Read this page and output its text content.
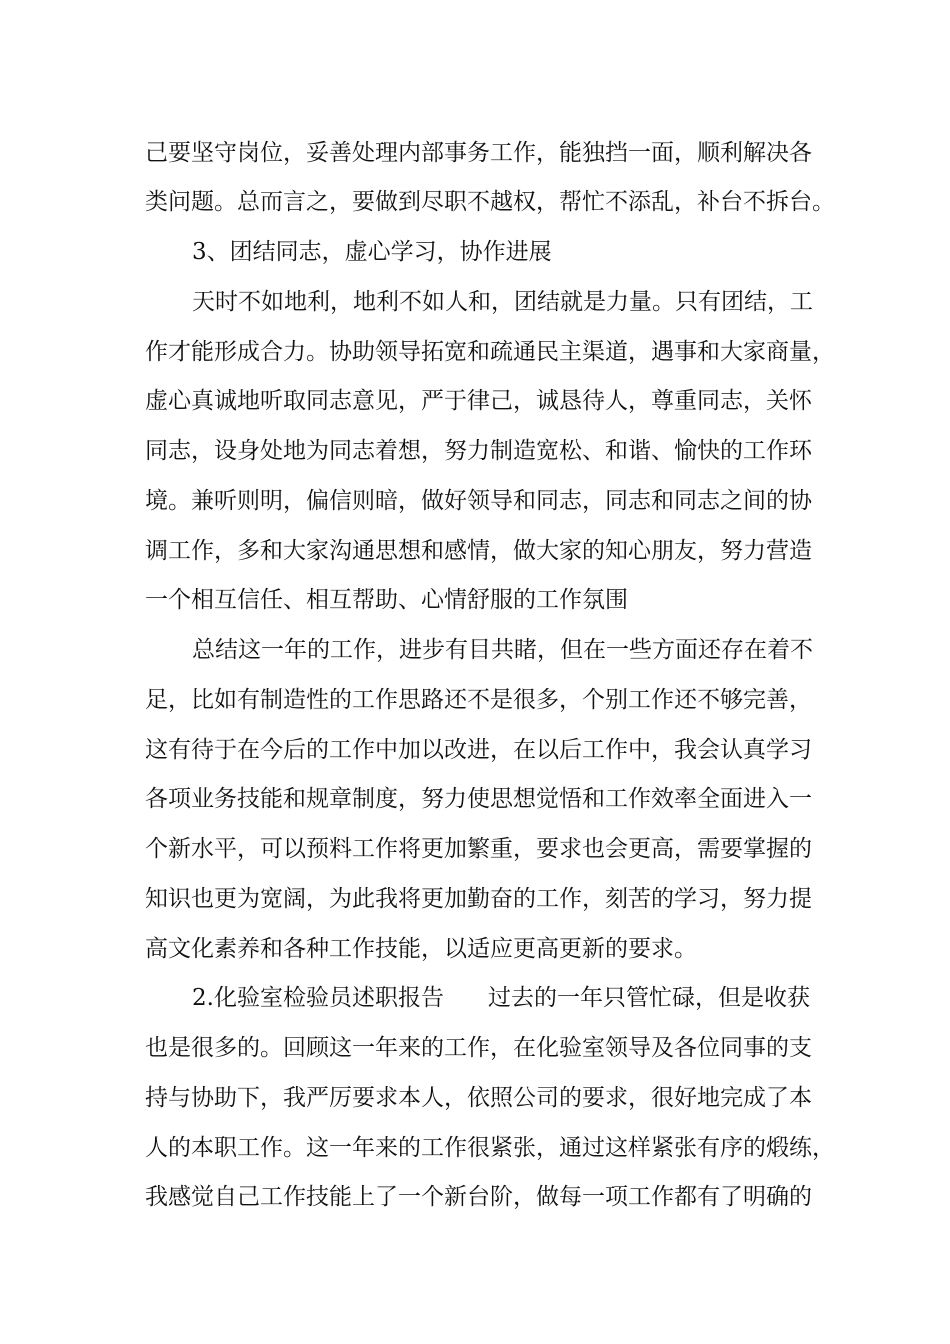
己要坚守岗位，妥善处理内部事务工作，能独挡一面，顺利解决各
类问题。总而言之，要做到尽职不越权，帮忙不添乱，补台不拆台。
3、团结同志，虚心学习，协作进展
天时不如地利，地利不如人和，团结就是力量。只有团结，工
作才能形成合力。协助领导拓宽和疏通民主渠道，遇事和大家商量，
虚心真诚地听取同志意见，严于律己，诚恳待人，尊重同志，关怀
同志，设身处地为同志着想，努力制造宽松、和谐、愉快的工作环
境。兼听则明，偏信则暗，做好领导和同志，同志和同志之间的协
调工作，多和大家沟通思想和感情，做大家的知心朋友，努力营造
一个相互信任、相互帮助、心情舒服的工作氛围
总结这一年的工作，进步有目共睹，但在一些方面还存在着不
足，比如有制造性的工作思路还不是很多，个别工作还不够完善，
这有待于在今后的工作中加以改进，在以后工作中，我会认真学习
各项业务技能和规章制度，努力使思想觉悟和工作效率全面进入一
个新水平，可以预料工作将更加繁重，要求也会更高，需要掌握的
知识也更为宽阔，为此我将更加勤奋的工作，刻苦的学习，努力提
高文化素养和各种工作技能，以适应更高更新的要求。
2.化验室检验员述职报告 过去的一年只管忙碌，但是收获
也是很多的。回顾这一年来的工作，在化验室领导及各位同事的支
持与协助下，我严厉要求本人，依照公司的要求，很好地完成了本
人的本职工作。这一年来的工作很紧张，通过这样紧张有序的煅练，
我感觉自己工作技能上了一个新台阶，做每一项工作都有了明确的
